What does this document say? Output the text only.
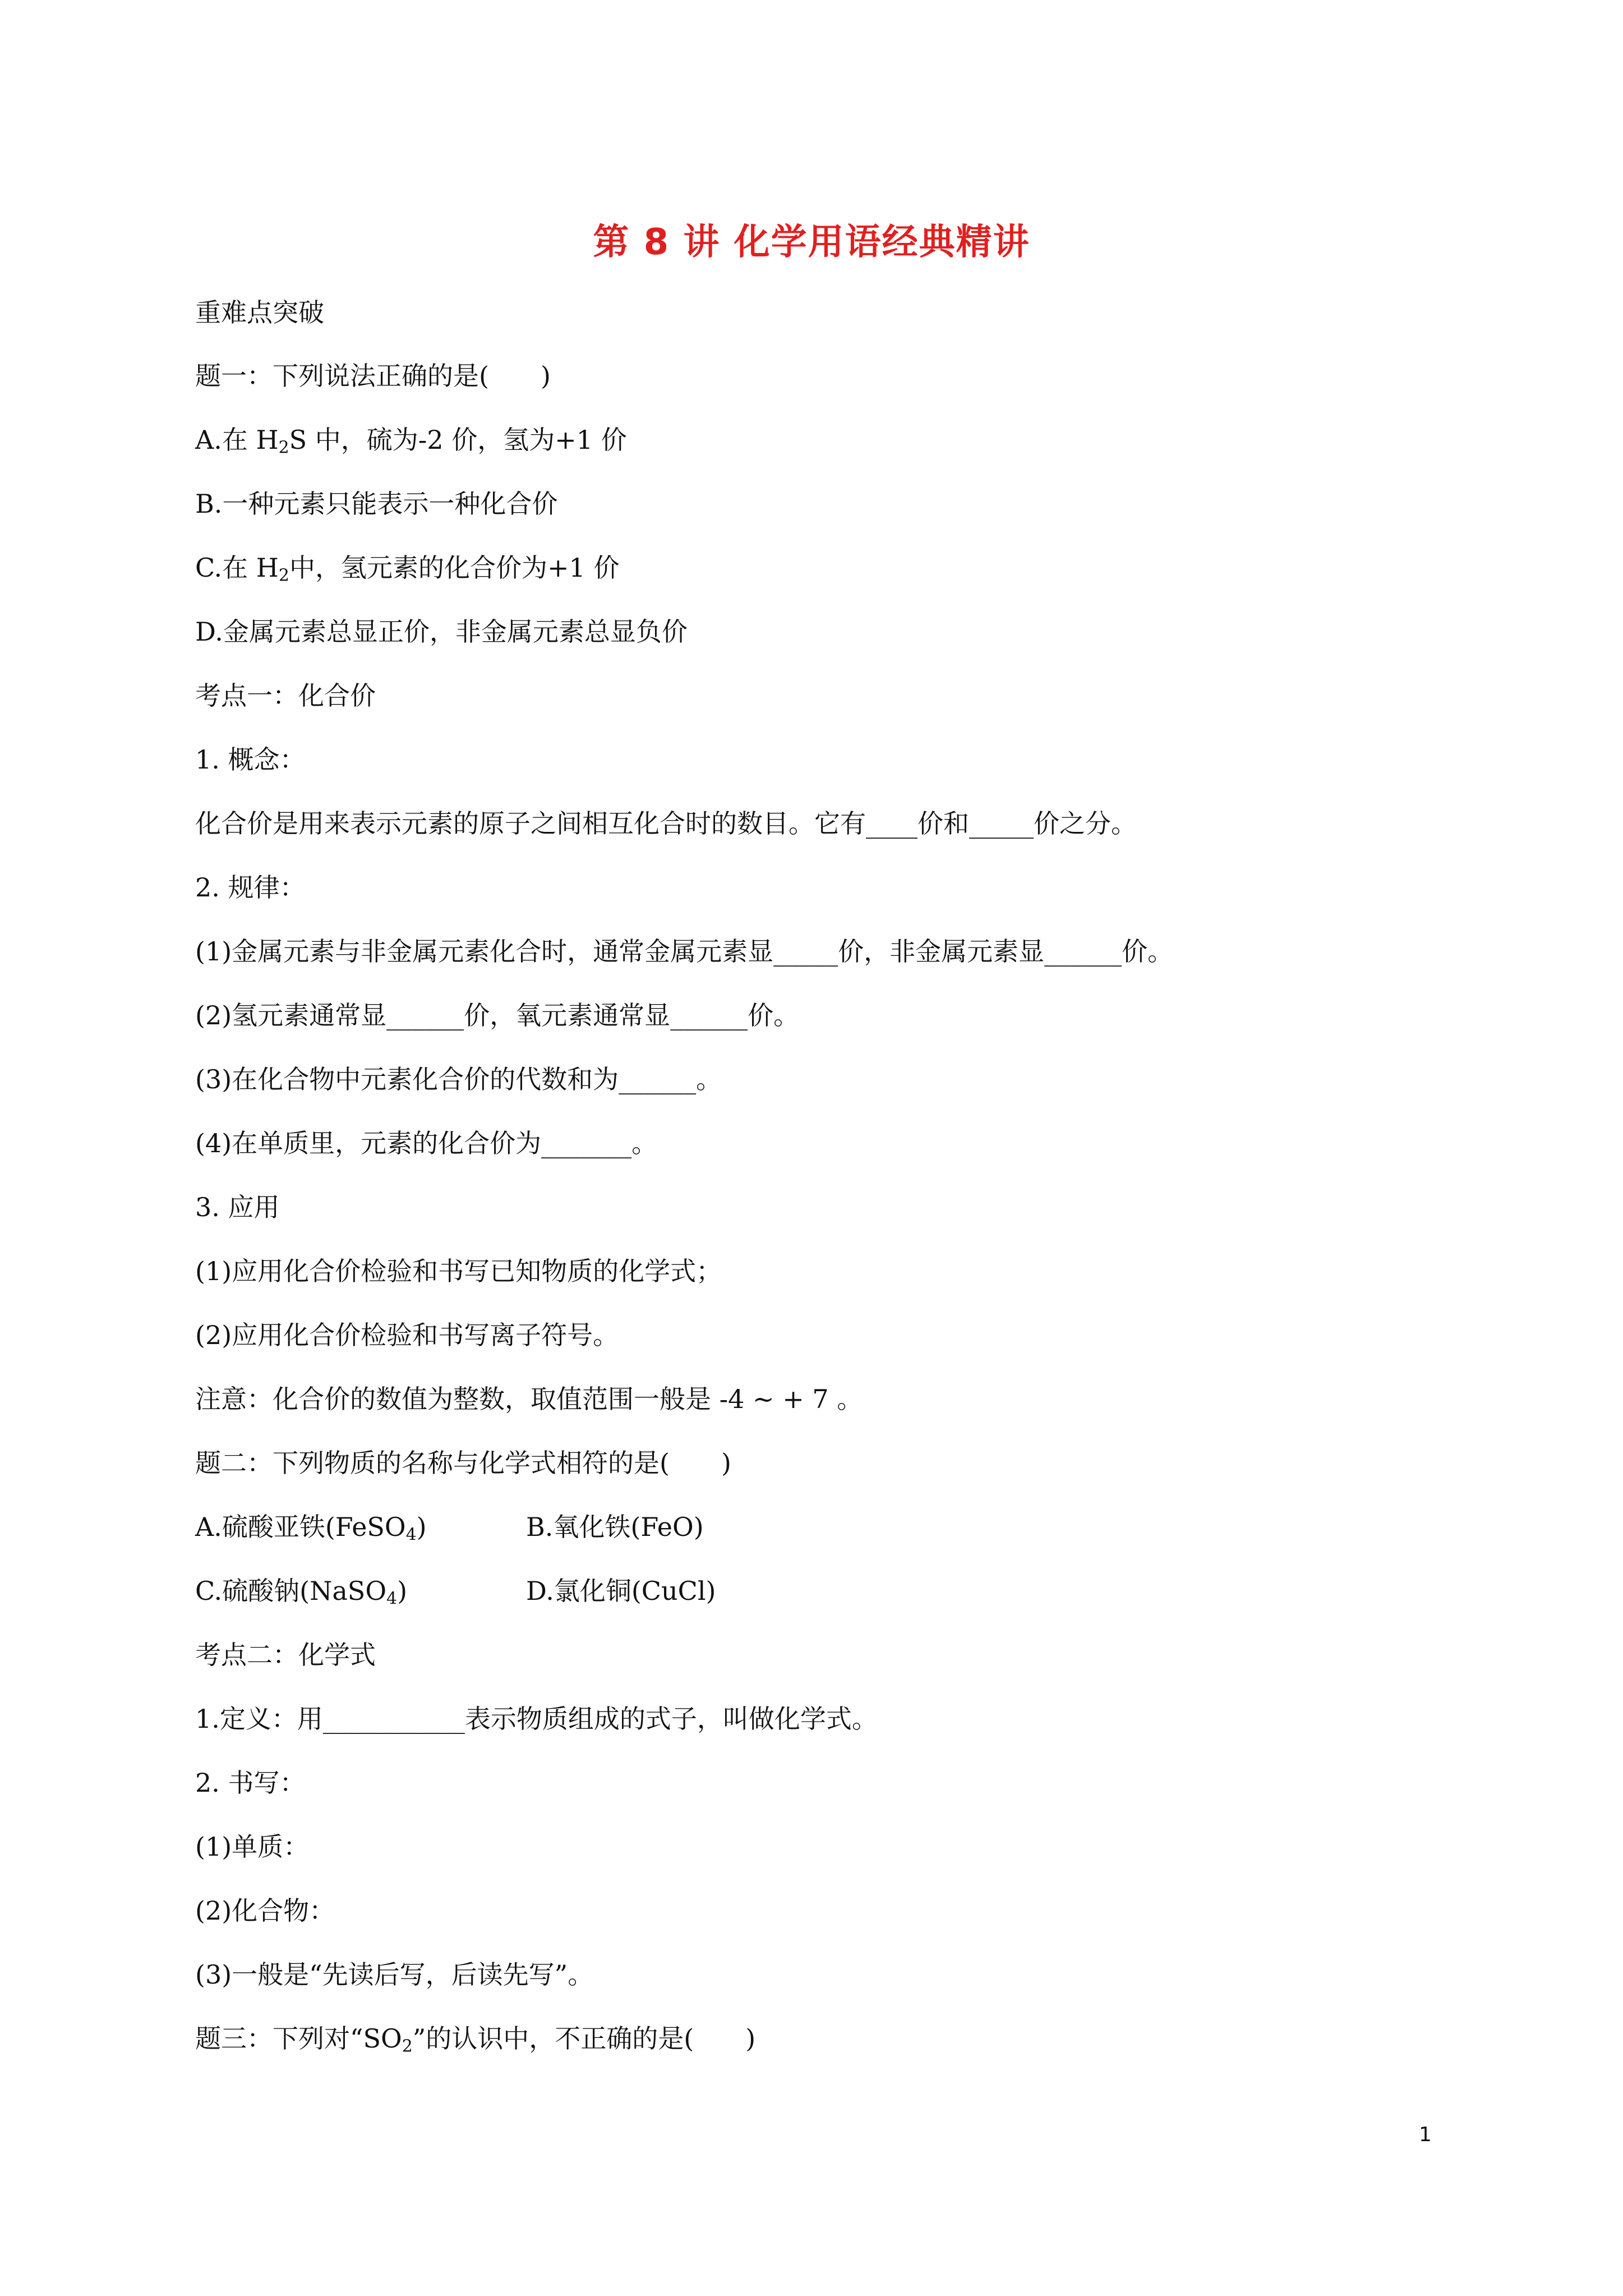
第 8 讲 化学用语经典精讲
重难点突破
题一：下列说法正确的是(　　)
A.在 $H_2S$ 中，硫为-2 价，氢为+1 价
B.一种元素只能表示一种化合价
C.在 $H_2$中，氢元素的化合价为+1 价
D.金属元素总显正价，非金属元素总显负价
考点一：化合价
1. 概念：
化合价是用来表示元素的原子之间相互化合时的数目。它有____价和_____价之分。
2. 规律：
(1)金属元素与非金属元素化合时，通常金属元素显_____价，非金属元素显______价。
(2)氢元素通常显______价，氧元素通常显______价。
(3)在化合物中元素化合价的代数和为______。
(4)在单质里，元素的化合价为_______。
3. 应用
(1)应用化合价检验和书写已知物质的化学式；
(2)应用化合价检验和书写离子符号。
注意：化合价的数值为整数，取值范围一般是 -4 ~ + 7 。
题二：下列物质的名称与化学式相符的是(　　)
A.硫酸亚铁(FeSO$_4$)	B.氧化铁(FeO)
C.硫酸钠(NaSO$_4$)	D.氯化铜(CuCl)
考点二：化学式
1.定义：用___________表示物质组成的式子，叫做化学式。
2. 书写：
(1)单质：
(2)化合物：
(3)一般是“先读后写，后读先写”。
题三：下列对“$SO_2$”的认识中，不正确的是(　　)
1
